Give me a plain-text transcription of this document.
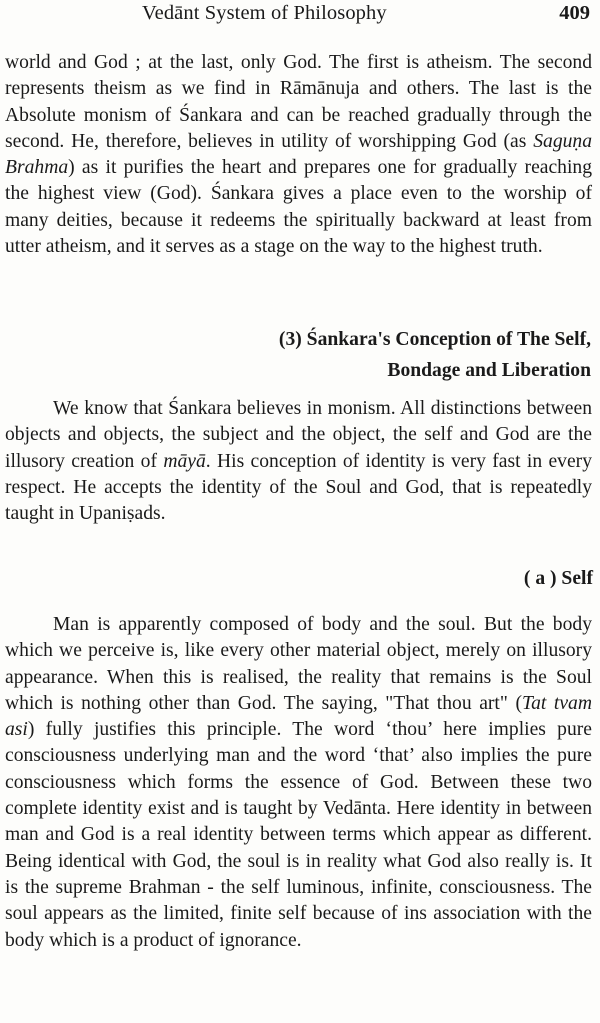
Vedānt System of Philosophy	409

world and God ; at the last, only God. The first is atheism. The second represents theism as we find in Rāmānuja and others. The last is the Absolute monism of Śankara and can be reached gradually through the second. He, therefore, believes in utility of worshipping God (as Saguṇa Brahma) as it purifies the heart and prepares one for gradually reaching the highest view (God). Śankara gives a place even to the worship of many deities, because it redeems the spiritually backward at least from utter atheism, and it serves as a stage on the way to the highest truth.

(3) Śankara's Conception of The Self,
Bondage and Liberation

We know that Śankara believes in monism. All distinctions between objects and objects, the subject and the object, the self and God are the illusory creation of māyā. His conception of identity is very fast in every respect. He accepts the identity of the Soul and God, that is repeatedly taught in Upaniṣads.

( a ) Self

Man is apparently composed of body and the soul. But the body which we perceive is, like every other material object, merely on illusory appearance. When this is realised, the reality that remains is the Soul which is nothing other than God. The saying, "That thou art" (Tat tvam asi) fully justifies this principle. The word ‘thou’ here implies pure consciousness underlying man and the word ‘that’ also implies the pure consciousness which forms the essence of God. Between these two complete identity exist and is taught by Vedānta. Here identity in between man and God is a real identity between terms which appear as different. Being identical with God, the soul is in reality what God also really is. It is the supreme Brahman - the self luminous, infinite, consciousness. The soul appears as the limited, finite self because of ins association with the body which is a product of ignorance.
